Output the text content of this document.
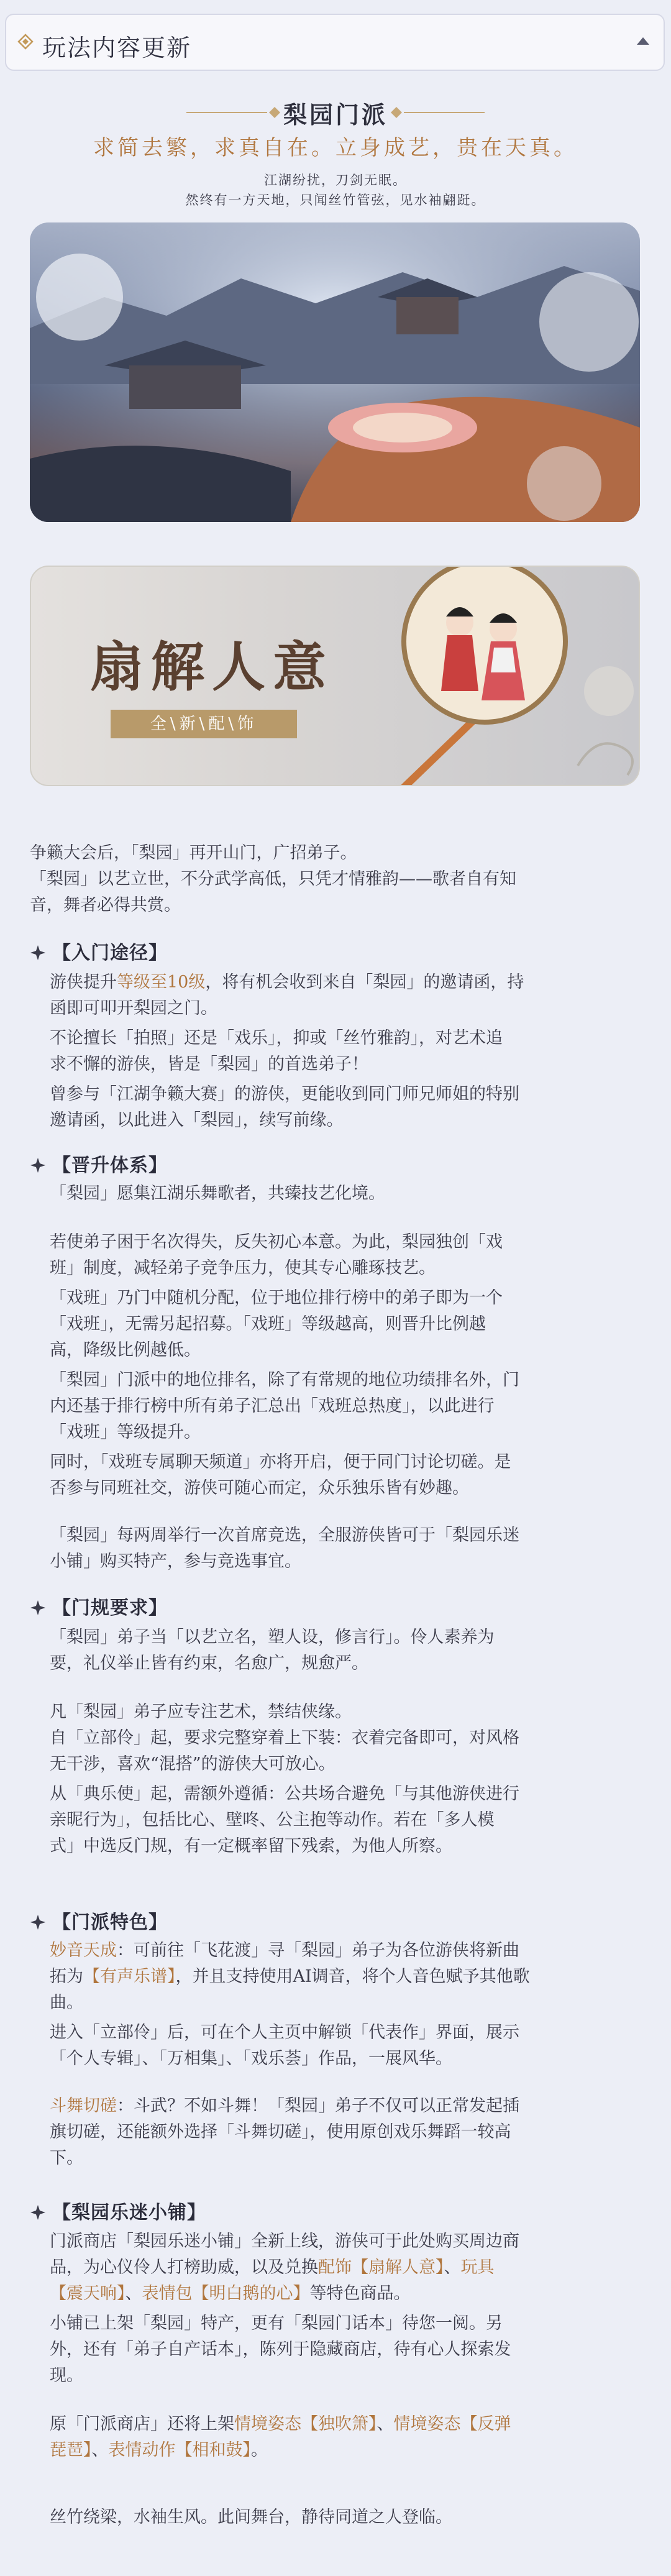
玩法内容更新
梨园门派
求简去繁，求真自在。立身成艺，贵在天真。
江湖纷扰，刀剑无眠。
然终有一方天地，只闻丝竹管弦，见水袖翩跹。
扇解人意
全\新\配\饰
争籁大会后，「梨园」再开山门，广招弟子。
「梨园」以艺立世，不分武学高低，只凭才情雅韵——歌者自有知
音，舞者必得共赏。
【入门途径】
游侠提升等级至10级，将有机会收到来自「梨园」的邀请函，持
函即可叩开梨园之门。
不论擅长「拍照」还是「戏乐」，抑或「丝竹雅韵」，对艺术追
求不懈的游侠，皆是「梨园」的首选弟子！
曾参与「江湖争籁大赛」的游侠，更能收到同门师兄师姐的特别
邀请函，以此进入「梨园」，续写前缘。
【晋升体系】
「梨园」愿集江湖乐舞歌者，共臻技艺化境。
若使弟子困于名次得失，反失初心本意。为此，梨园独创「戏
班」制度，减轻弟子竞争压力，使其专心雕琢技艺。
「戏班」乃门中随机分配，位于地位排行榜中的弟子即为一个
「戏班」，无需另起招募。「戏班」等级越高，则晋升比例越
高，降级比例越低。
「梨园」门派中的地位排名，除了有常规的地位功绩排名外，门
内还基于排行榜中所有弟子汇总出「戏班总热度」，以此进行
「戏班」等级提升。
同时，「戏班专属聊天频道」亦将开启，便于同门讨论切磋。是
否参与同班社交，游侠可随心而定，众乐独乐皆有妙趣。
「梨园」每两周举行一次首席竞选，全服游侠皆可于「梨园乐迷
小铺」购买特产，参与竞选事宜。
【门规要求】
「梨园」弟子当「以艺立名，塑人设，修言行」。伶人素养为
要，礼仪举止皆有约束，名愈广，规愈严。
凡「梨园」弟子应专注艺术，禁结侠缘。
自「立部伶」起，要求完整穿着上下装：衣着完备即可，对风格
无干涉，喜欢“混搭”的游侠大可放心。
从「典乐使」起，需额外遵循：公共场合避免「与其他游侠进行
亲昵行为」，包括比心、壁咚、公主抱等动作。若在「多人模
式」中选反门规，有一定概率留下残索，为他人所察。
【门派特色】
妙音天成：可前往「飞花渡」寻「梨园」弟子为各位游侠将新曲
拓为【有声乐谱】，并且支持使用AI调音，将个人音色赋予其他歌
曲。
进入「立部伶」后，可在个人主页中解锁「代表作」界面，展示
「个人专辑」、「万相集」、「戏乐荟」作品，一展风华。
斗舞切磋：斗武？不如斗舞！「梨园」弟子不仅可以正常发起插
旗切磋，还能额外选择「斗舞切磋」，使用原创戏乐舞蹈一较高
下。
【梨园乐迷小铺】
门派商店「梨园乐迷小铺」全新上线，游侠可于此处购买周边商
品，为心仪伶人打榜助威，以及兑换配饰【扇解人意】、玩具
【震天响】、表情包【明白鹅的心】等特色商品。
小铺已上架「梨园」特产，更有「梨园门话本」待您一阅。另
外，还有「弟子自产话本」，陈列于隐藏商店，待有心人探索发
现。
原「门派商店」还将上架情境姿态【独吹箫】、情境姿态【反弹
琵琶】、表情动作【相和鼓】。
丝竹绕梁，水袖生风。此间舞台，静待同道之人登临。
